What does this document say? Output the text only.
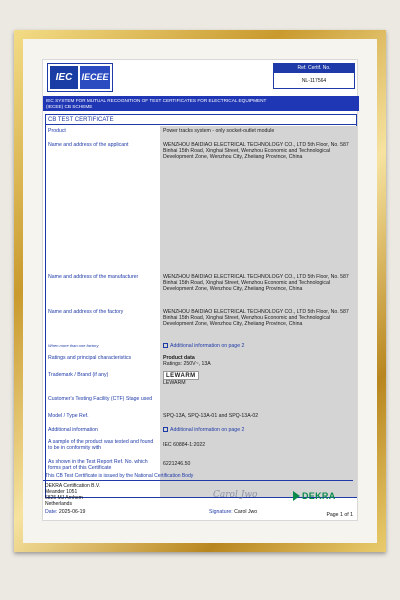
IEC	IECEE
Ref. Certif. No.
NL-117564
IEC SYSTEM FOR MUTUAL RECOGNITION OF TEST CERTIFICATES FOR ELECTRICAL EQUIPMENT
(IECEE) CB SCHEME
CB TEST CERTIFICATE
Product	Power tracks system - only socket-outlet module
Name and address of the applicant	WENZHOU BAIDIAO ELECTRICAL TECHNOLOGY CO., LTD 5th Floor, No. 587 Binhai 15th Road, Xinghai Street, Wenzhou Economic and Technological Development Zone, Wenzhou City, Zheiiang Province, China
Name and address of the manufacturer	WENZHOU BAIDIAO ELECTRICAL TECHNOLOGY CO., LTD 5th Floor, No. 587 Binhai 15th Road, Xinghai Street, Wenzhou Economic and Technological Development Zone, Wenzhou City, Zheiiang Province, China
Name and address of the factory	WENZHOU BAIDIAO ELECTRICAL TECHNOLOGY CO., LTD 5th Floor, No. 587 Binhai 15th Road, Xinghai Street, Wenzhou Economic and Technological Development Zone, Wenzhou City, Zheiiang Province, China
When more than one factory	Additional information on page 2
Ratings and principal characteristics	Product data
Ratings: 250V~, 13A
Trademark / Brand (if any)	LEWARM
LEWARM
Customer's Testing Facility (CTF) Stage used
Model / Type Ref.	SPQ-13A, SPQ-13A-01 and SPQ-13A-02
Additional information	Additional information on page 2
A sample of the product was tested and found to be in conformity with	IEC 60884-1:2022
As shown in the Test Report Ref. No. which forms part of this Certificate
6221246.50
This CB Test Certificate is issued by the National Certification Body
DEKRA Certification B.V.
Meander 1051
6825 MJ Arnhem
Netherlands
Carol Jwo	DEKRA
Date: 2025-06-19	Signature: Carol Jwo	Page 1 of 1
